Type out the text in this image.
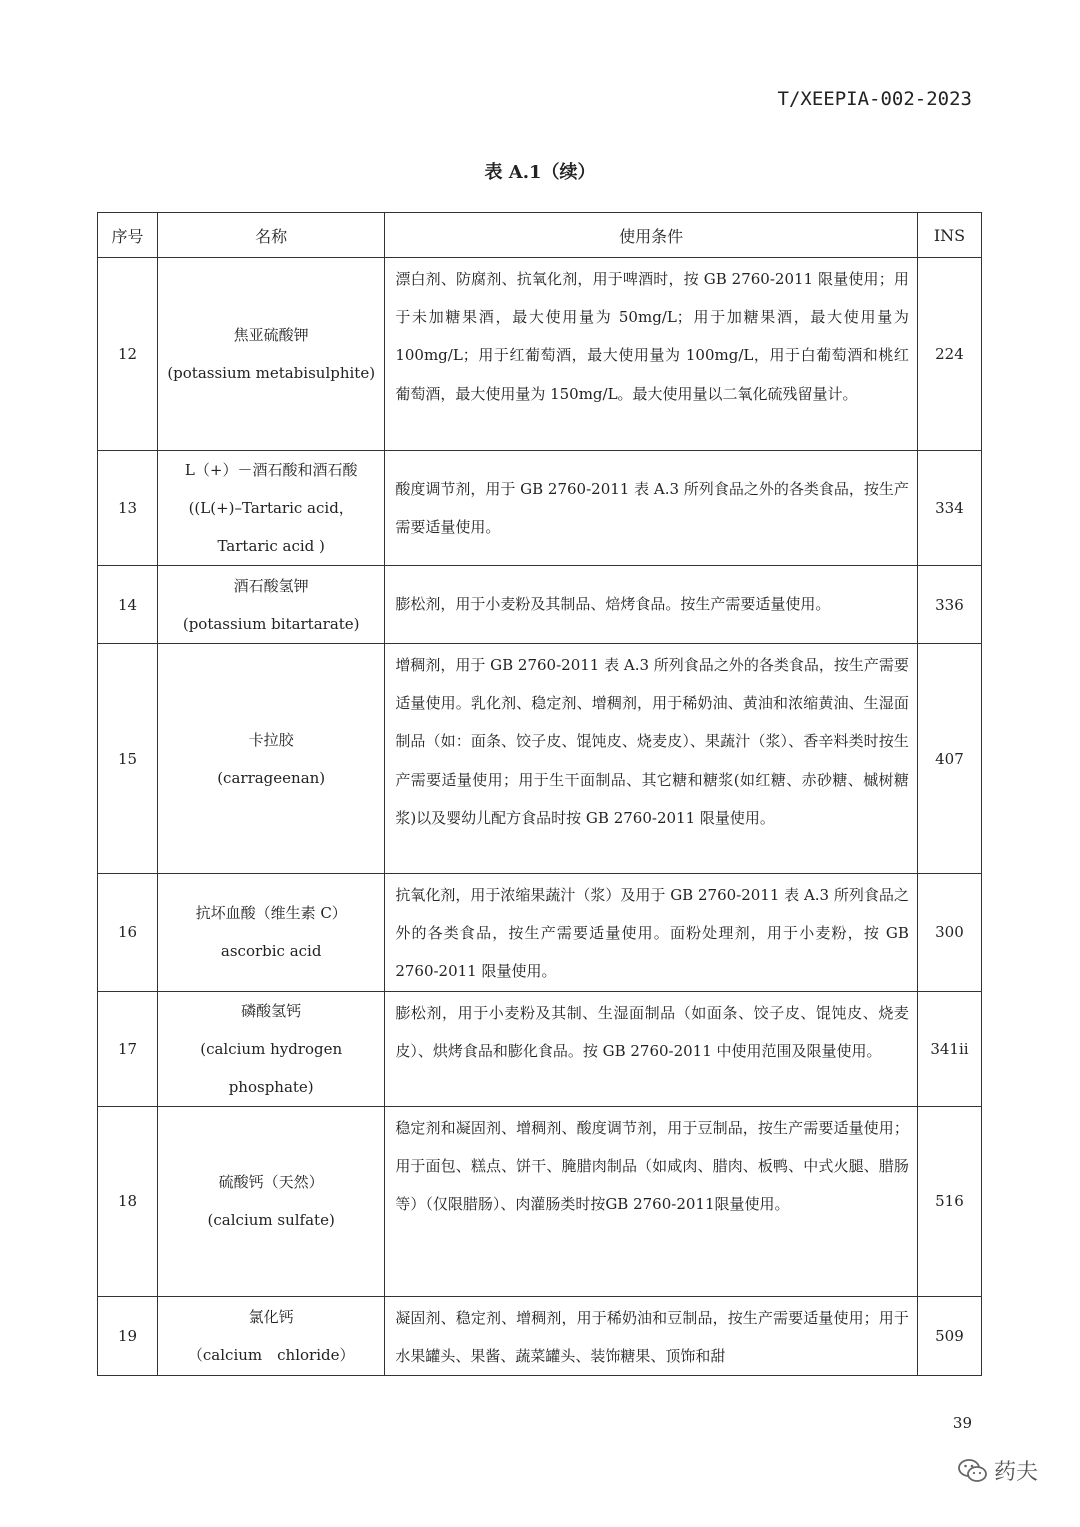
T/XEEPIA-002-2023
表 A.1（续）
序号	名称	使用条件	INS
12	焦亚硫酸钾
(potassium metabisulphite)	漂白剂、防腐剂、抗氧化剂，用于啤酒时，按 GB 2760-2011 限量使用；用于未加糖果酒，最大使用量为 50mg/L；用于加糖果酒，最大使用量为 100mg/L；用于红葡萄酒，最大使用量为 100mg/L，用于白葡萄酒和桃红葡萄酒，最大使用量为 150mg/L。最大使用量以二氧化硫残留量计。	224
13	L（+）－酒石酸和酒石酸
((L(+)–Tartaric acid，
Tartaric acid )	酸度调节剂，用于 GB 2760-2011 表 A.3 所列食品之外的各类食品，按生产需要适量使用。	334
14	酒石酸氢钾
(potassium bitartarate)	膨松剂，用于小麦粉及其制品、焙烤食品。按生产需要适量使用。	336
15	卡拉胶
(carrageenan)	增稠剂，用于 GB 2760-2011 表 A.3 所列食品之外的各类食品，按生产需要适量使用。乳化剂、稳定剂、增稠剂，用于稀奶油、黄油和浓缩黄油、生湿面制品（如：面条、饺子皮、馄饨皮、烧麦皮）、果蔬汁（浆）、香辛料类时按生产需要适量使用；用于生干面制品、其它糖和糖浆(如红糖、赤砂糖、槭树糖浆)以及婴幼儿配方食品时按 GB 2760-2011 限量使用。	407
16	抗坏血酸（维生素 C）
ascorbic acid	抗氧化剂，用于浓缩果蔬汁（浆）及用于 GB 2760-2011 表 A.3 所列食品之外的各类食品，按生产需要适量使用。面粉处理剂，用于小麦粉，按 GB 2760-2011 限量使用。	300
17	磷酸氢钙
(calcium hydrogen
phosphate)	膨松剂，用于小麦粉及其制、生湿面制品（如面条、饺子皮、馄饨皮、烧麦皮）、烘烤食品和膨化食品。按 GB 2760-2011 中使用范围及限量使用。	341ii
18	硫酸钙（天然）
(calcium sulfate)	稳定剂和凝固剂、增稠剂、酸度调节剂，用于豆制品，按生产需要适量使用；用于面包、糕点、饼干、腌腊肉制品（如咸肉、腊肉、板鸭、中式火腿、腊肠等）（仅限腊肠）、肉灌肠类时按GB 2760-2011限量使用。	516
19	氯化钙
（calcium　chloride）	凝固剂、稳定剂、增稠剂，用于稀奶油和豆制品，按生产需要适量使用；用于水果罐头、果酱、蔬菜罐头、装饰糖果、顶饰和甜	509
39
药夫
